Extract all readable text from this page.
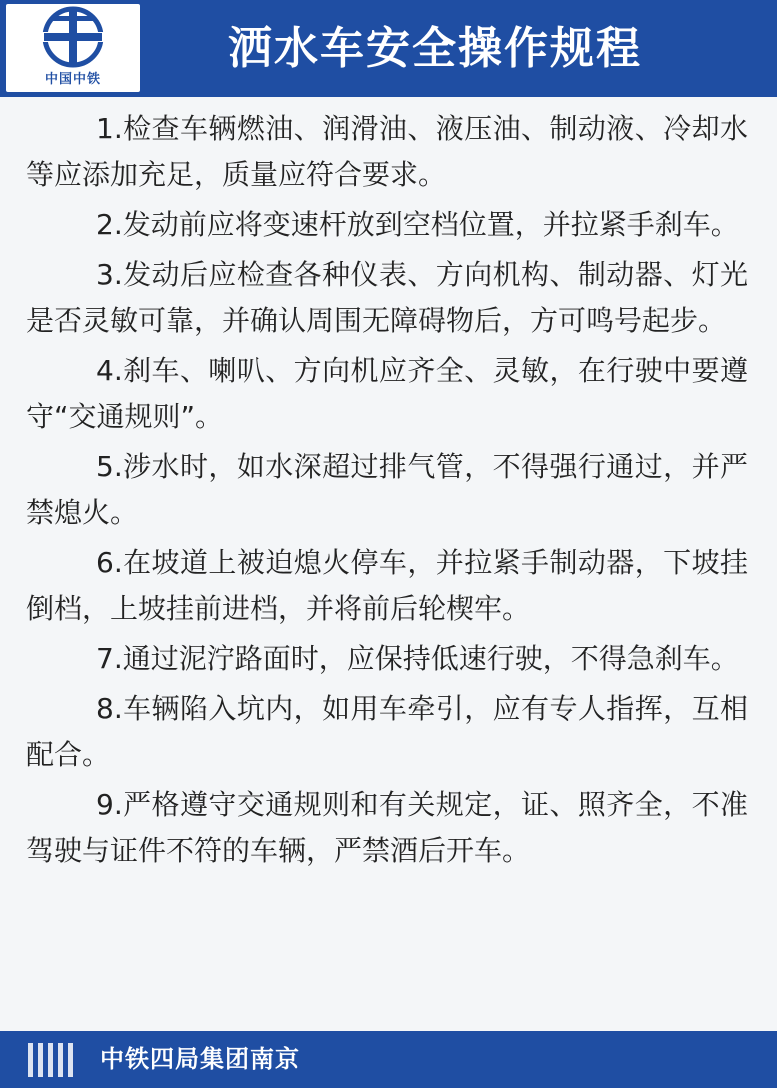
中国中铁
洒水车安全操作规程

1.检查车辆燃油、润滑油、液压油、制动液、冷却水等应添加充足，质量应符合要求。

2.发动前应将变速杆放到空档位置，并拉紧手刹车。

3.发动后应检查各种仪表、方向机构、制动器、灯光是否灵敏可靠，并确认周围无障碍物后，方可鸣号起步。

4.刹车、喇叭、方向机应齐全、灵敏，在行驶中要遵守“交通规则”。

5.涉水时，如水深超过排气管，不得强行通过，并严禁熄火。

6.在坡道上被迫熄火停车，并拉紧手制动器，下坡挂倒档，上坡挂前进档，并将前后轮楔牢。

7.通过泥泞路面时，应保持低速行驶，不得急刹车。

8.车辆陷入坑内，如用车牵引，应有专人指挥，互相配合。

9.严格遵守交通规则和有关规定，证、照齐全，不准驾驶与证件不符的车辆，严禁酒后开车。

中铁四局集团南京
